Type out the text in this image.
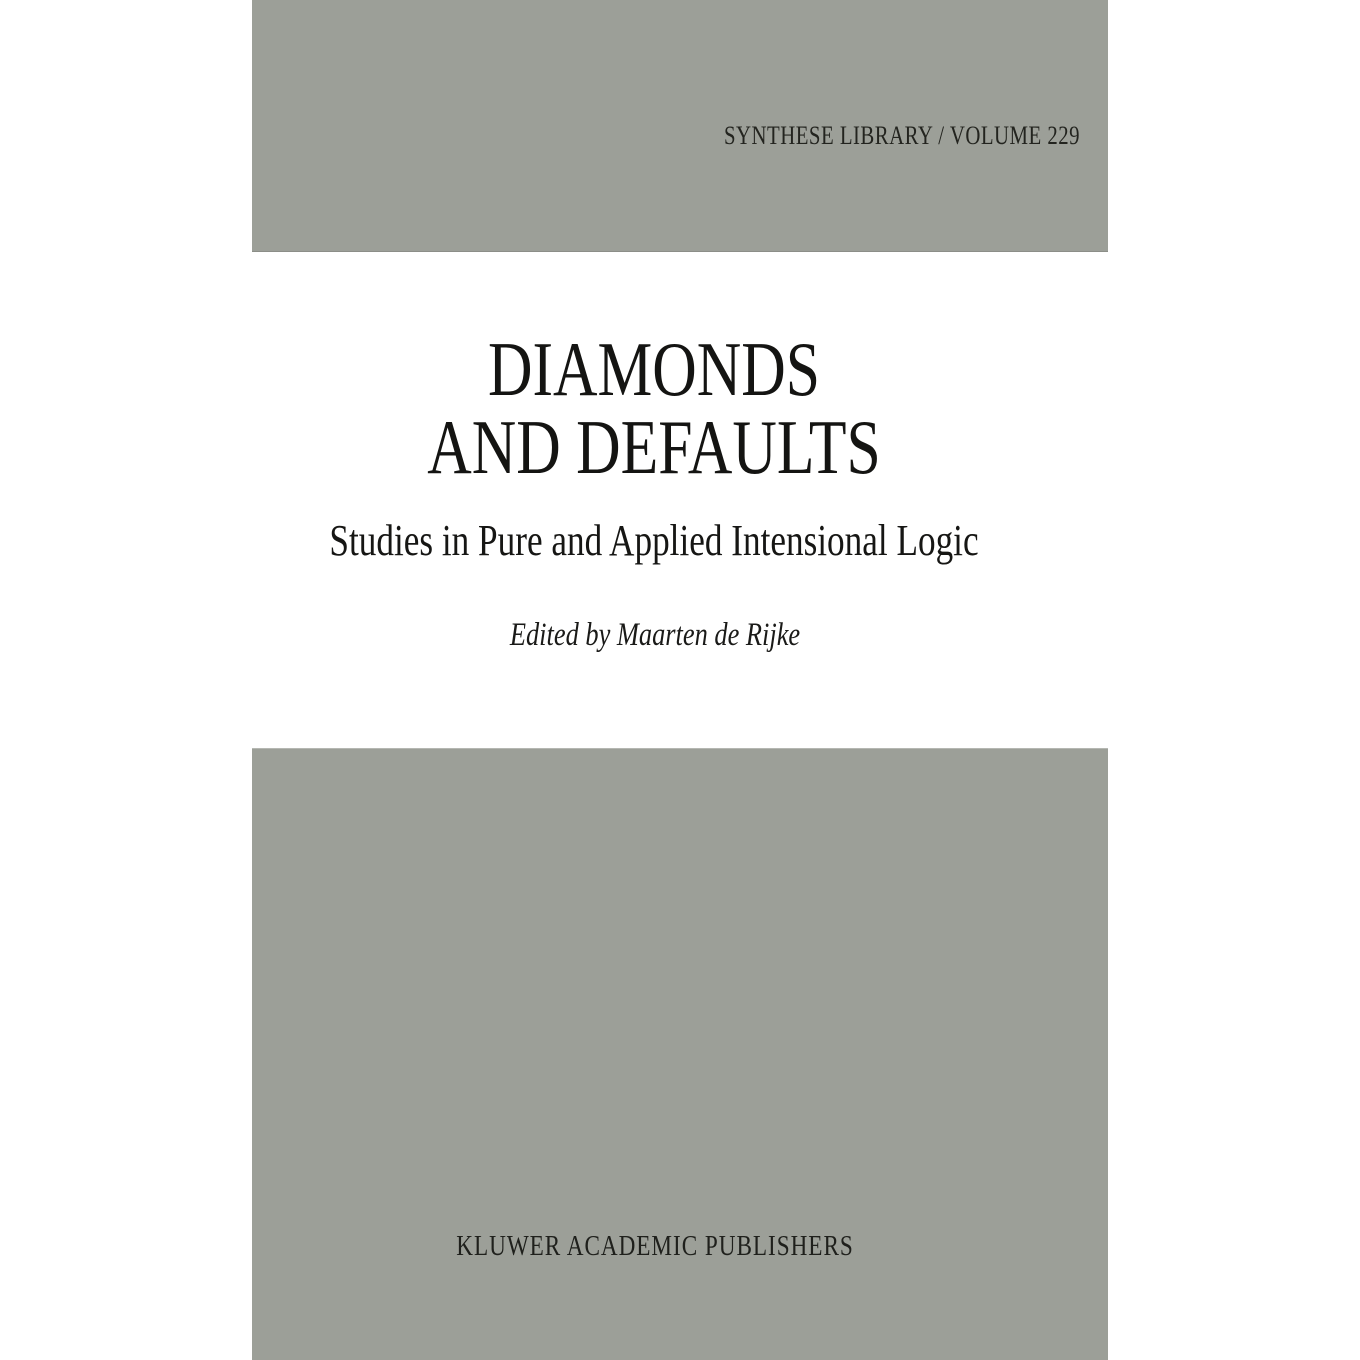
SYNTHESE LIBRARY / VOLUME 229
DIAMONDS
AND DEFAULTS
Studies in Pure and Applied Intensional Logic
Edited by Maarten de Rijke
KLUWER ACADEMIC PUBLISHERS
